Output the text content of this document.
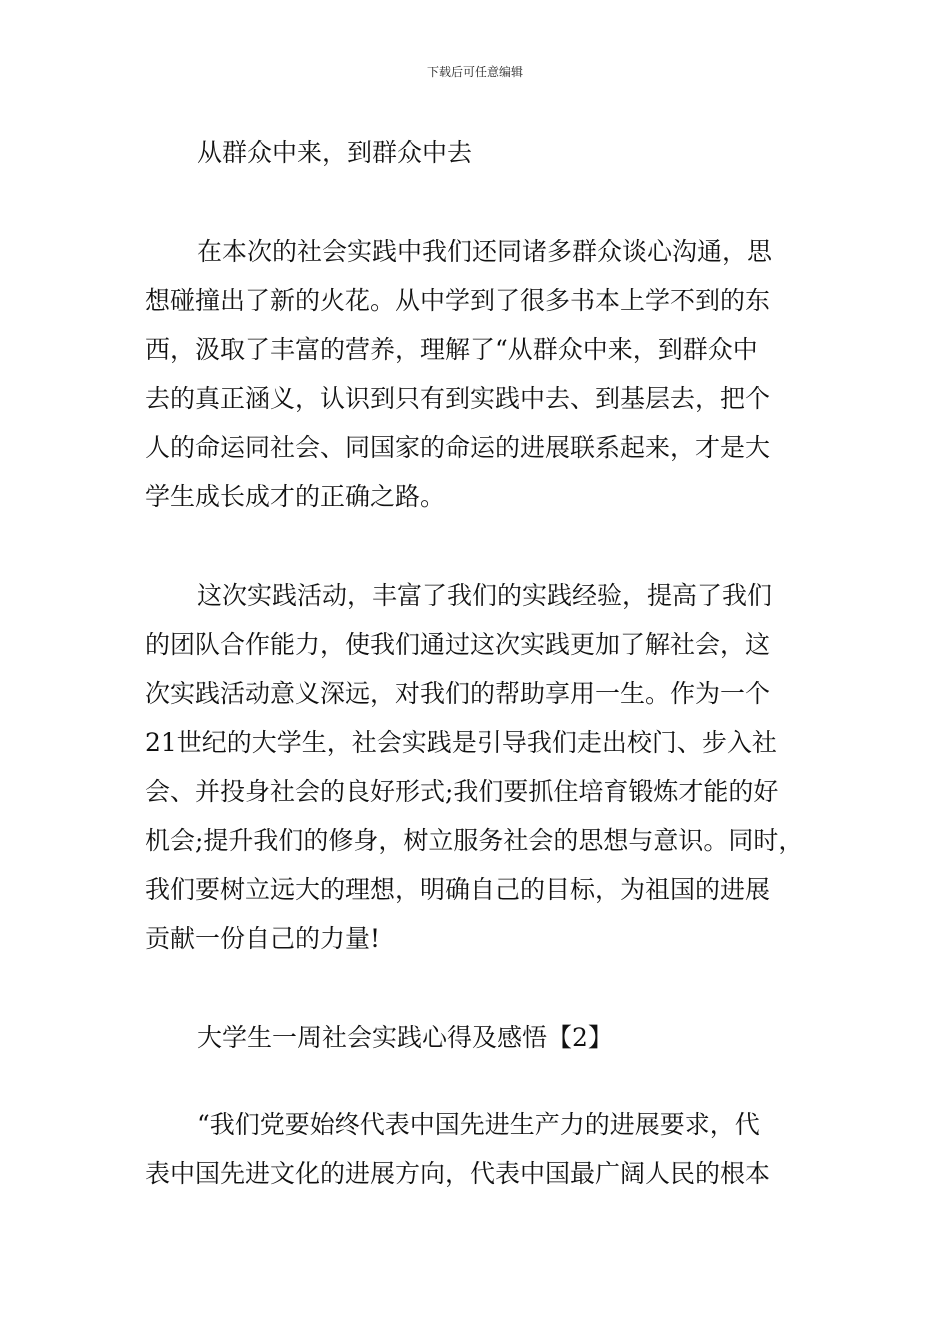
下载后可任意编辑
从群众中来，到群众中去
在本次的社会实践中我们还同诸多群众谈心沟通，思
想碰撞出了新的火花。从中学到了很多书本上学不到的东
西，汲取了丰富的营养，理解了“从群众中来，到群众中
去的真正涵义，认识到只有到实践中去、到基层去，把个
人的命运同社会、同国家的命运的进展联系起来，才是大
学生成长成才的正确之路。
这次实践活动，丰富了我们的实践经验，提高了我们
的团队合作能力，使我们通过这次实践更加了解社会，这
次实践活动意义深远，对我们的帮助享用一生。作为一个
21世纪的大学生，社会实践是引导我们走出校门、步入社
会、并投身社会的良好形式;我们要抓住培育锻炼才能的好
机会;提升我们的修身，树立服务社会的思想与意识。同时，
我们要树立远大的理想，明确自己的目标，为祖国的进展
贡献一份自己的力量!
大学生一周社会实践心得及感悟【2】
“我们党要始终代表中国先进生产力的进展要求，代
表中国先进文化的进展方向，代表中国最广阔人民的根本
